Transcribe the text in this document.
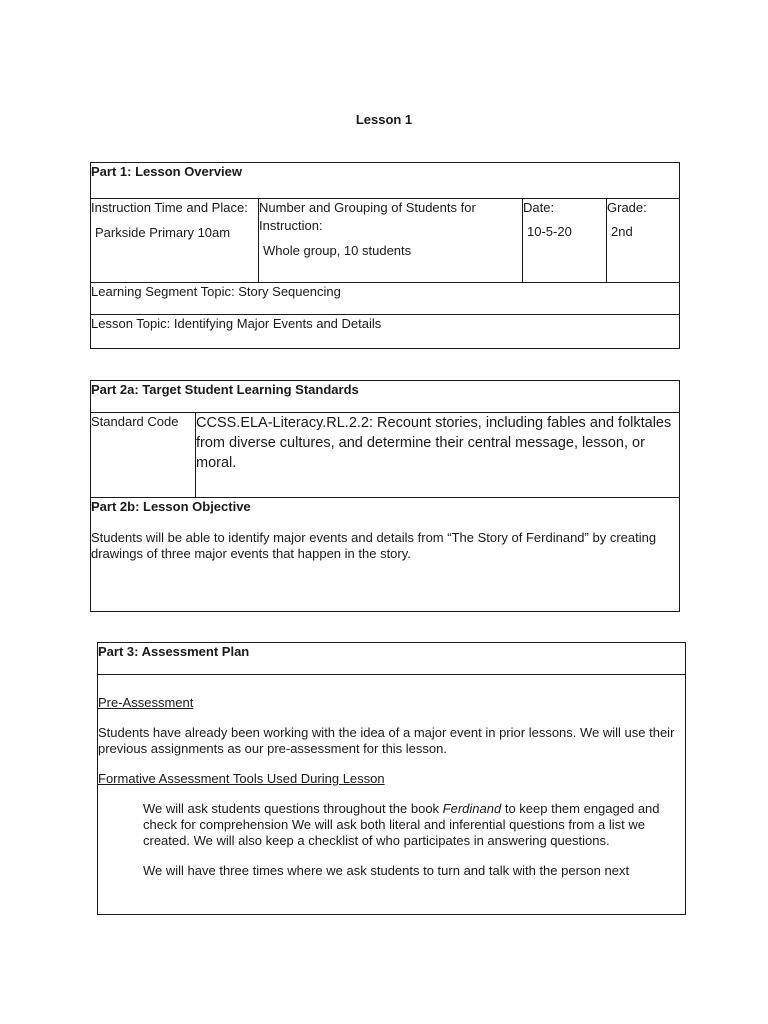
Lesson 1
Part 1: Lesson Overview
Instruction Time and Place:
Parkside Primary 10am
	Number and Grouping of Students for Instruction:
Whole group, 10 students
	Date:
10-5-20
	Grade:
2nd

Learning Segment Topic: Story Sequencing
Lesson Topic: Identifying Major Events and Details
Part 2a: Target Student Learning Standards
Standard Code	CCSS.ELA-Literacy.RL.2.2: Recount stories, including fables and folktales from diverse cultures, and determine their central message, lesson, or moral.

Part 2b: Lesson Objective
Students will be able to identify major events and details from “The Story of Ferdinand” by creating drawings of three major events that happen in the story.
Part 3: Assessment Plan

Pre-Assessment

Students have already been working with the idea of a major event in prior lessons. We will use their previous assignments as our pre-assessment for this lesson.

Formative Assessment Tools Used During Lesson

We will ask students questions throughout the book Ferdinand to keep them engaged and check for comprehension We will ask both literal and inferential questions from a list we created. We will also keep a checklist of who participates in answering questions.

We will have three times where we ask students to turn and talk with the person next
